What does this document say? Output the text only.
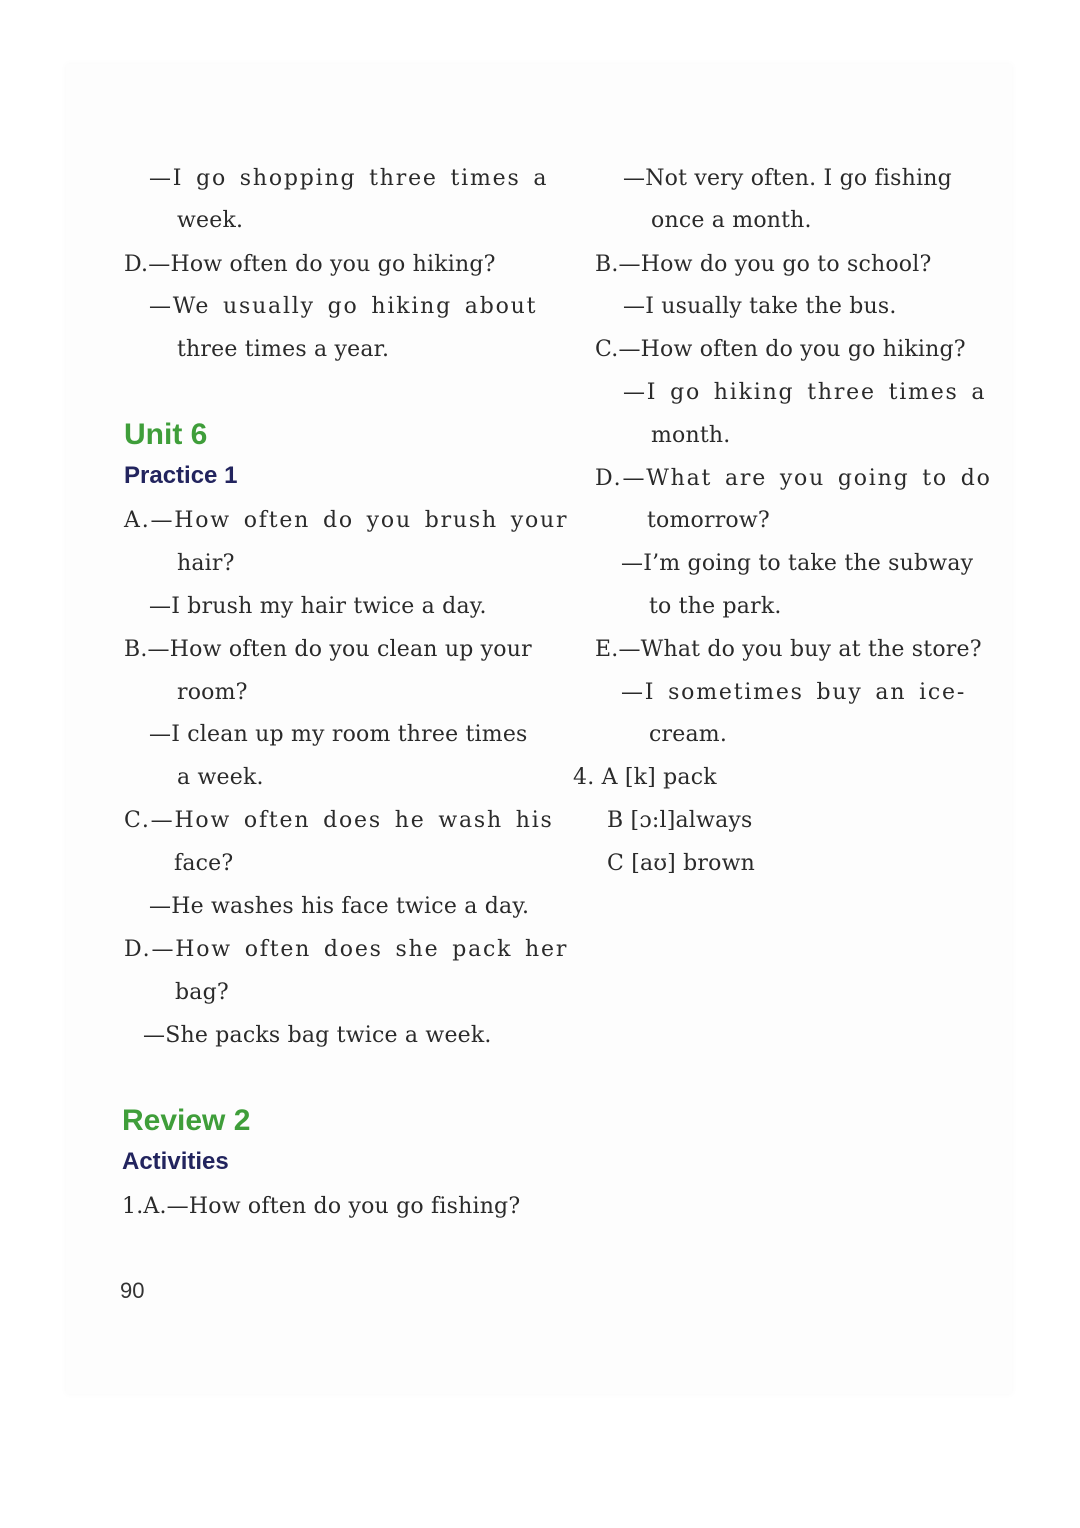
—I go shopping three times a
week.
D.—How often do you go hiking?
—We usually go hiking about
three times a year.
Unit 6
Practice 1
A.—How often do you brush your
hair?
—I brush my hair twice a day.
B.—How often do you clean up your
room?
—I clean up my room three times
a week.
C.—How often does he wash his
face?
—He washes his face twice a day.
D.—How often does she pack her
bag?
—She packs bag twice a week.
Review 2
Activities
1.A.—How often do you go fishing?
—Not very often. I go fishing
once a month.
B.—How do you go to school?
—I usually take the bus.
C.—How often do you go hiking?
—I go hiking three times a
month.
D.—What are you going to do
tomorrow?
—I’m going to take the subway
to the park.
E.—What do you buy at the store?
—I sometimes buy an ice-
cream.
4. A [k] pack
B [ɔ:l]always
C [aʊ] brown
90
